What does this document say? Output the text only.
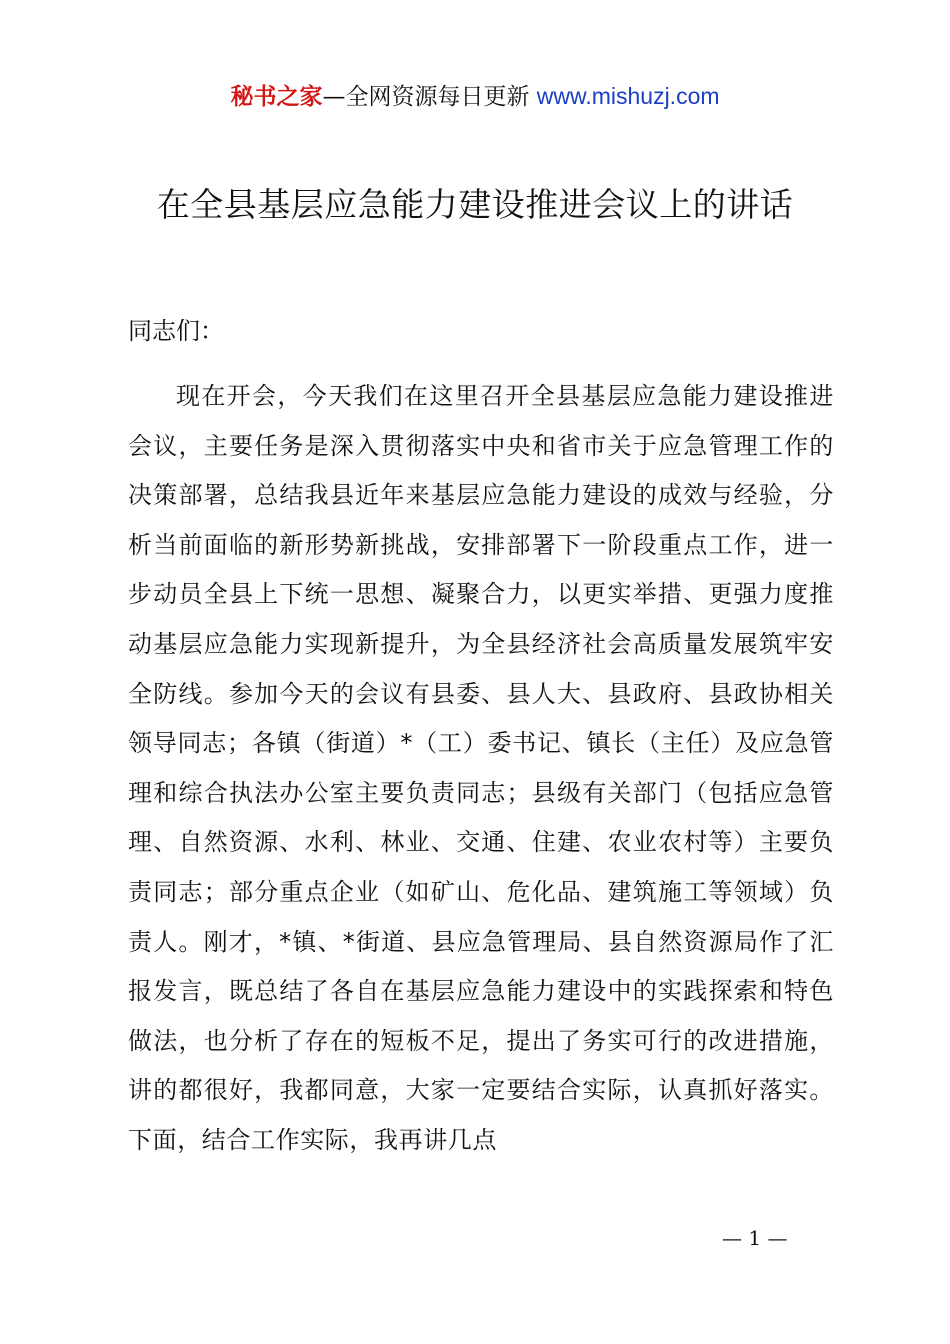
秘书之家—全网资源每日更新 www.mishuzj.com
在全县基层应急能力建设推进会议上的讲话
同志们：

现在开会，今天我们在这里召开全县基层应急能力建设推进会议，主要任务是深入贯彻落实中央和省市关于应急管理工作的决策部署，总结我县近年来基层应急能力建设的成效与经验，分析当前面临的新形势新挑战，安排部署下一阶段重点工作，进一步动员全县上下统一思想、凝聚合力，以更实举措、更强力度推动基层应急能力实现新提升，为全县经济社会高质量发展筑牢安全防线。参加今天的会议有县委、县人大、县政府、县政协相关领导同志；各镇（街道）*（工）委书记、镇长（主任）及应急管理和综合执法办公室主要负责同志；县级有关部门（包括应急管理、自然资源、水利、林业、交通、住建、农业农村等）主要负责同志；部分重点企业（如矿山、危化品、建筑施工等领域）负责人。刚才，*镇、*街道、县应急管理局、县自然资源局作了汇报发言，既总结了各自在基层应急能力建设中的实践探索和特色做法，也分析了存在的短板不足，提出了务实可行的改进措施，讲的都很好，我都同意，大家一定要结合实际，认真抓好落实。下面，结合工作实际，我再讲几点

— 1 —
